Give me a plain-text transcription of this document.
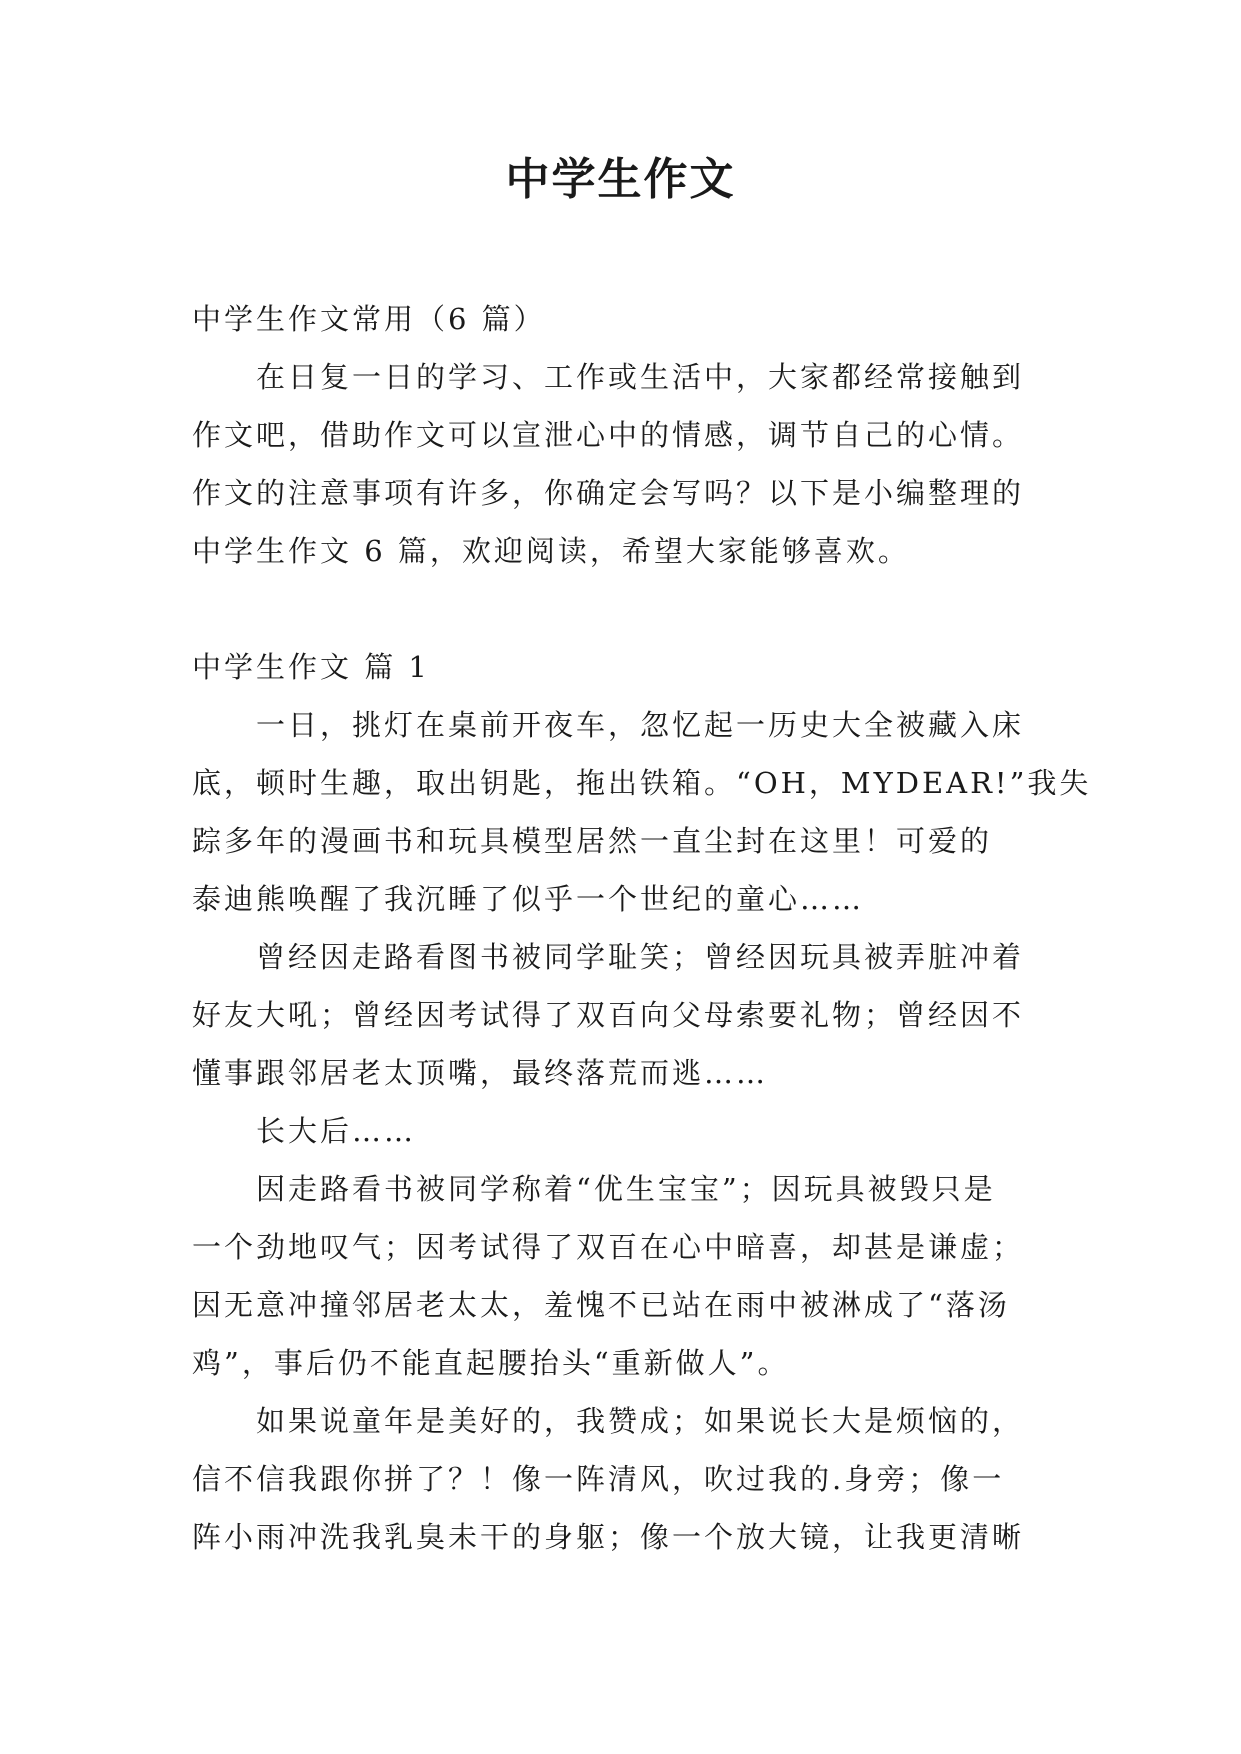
中学生作文

中学生作文常用（6 篇）

在日复一日的学习、工作或生活中，大家都经常接触到

作文吧，借助作文可以宣泄心中的情感，调节自己的心情。

作文的注意事项有许多，你确定会写吗？以下是小编整理的

中学生作文 6 篇，欢迎阅读，希望大家能够喜欢。

中学生作文 篇 1

一日，挑灯在桌前开夜车，忽忆起一历史大全被藏入床

底，顿时生趣，取出钥匙，拖出铁箱。“OH，MYDEAR!”我失

踪多年的漫画书和玩具模型居然一直尘封在这里！可爱的

泰迪熊唤醒了我沉睡了似乎一个世纪的童心……

曾经因走路看图书被同学耻笑；曾经因玩具被弄脏冲着

好友大吼；曾经因考试得了双百向父母索要礼物；曾经因不

懂事跟邻居老太顶嘴，最终落荒而逃……

长大后……

因走路看书被同学称着“优生宝宝”；因玩具被毁只是

一个劲地叹气；因考试得了双百在心中暗喜，却甚是谦虚；

因无意冲撞邻居老太太，羞愧不已站在雨中被淋成了“落汤

鸡”，事后仍不能直起腰抬头“重新做人”。

如果说童年是美好的，我赞成；如果说长大是烦恼的，

信不信我跟你拼了？！像一阵清风，吹过我的.身旁；像一

阵小雨冲洗我乳臭未干的身躯；像一个放大镜，让我更清晰
